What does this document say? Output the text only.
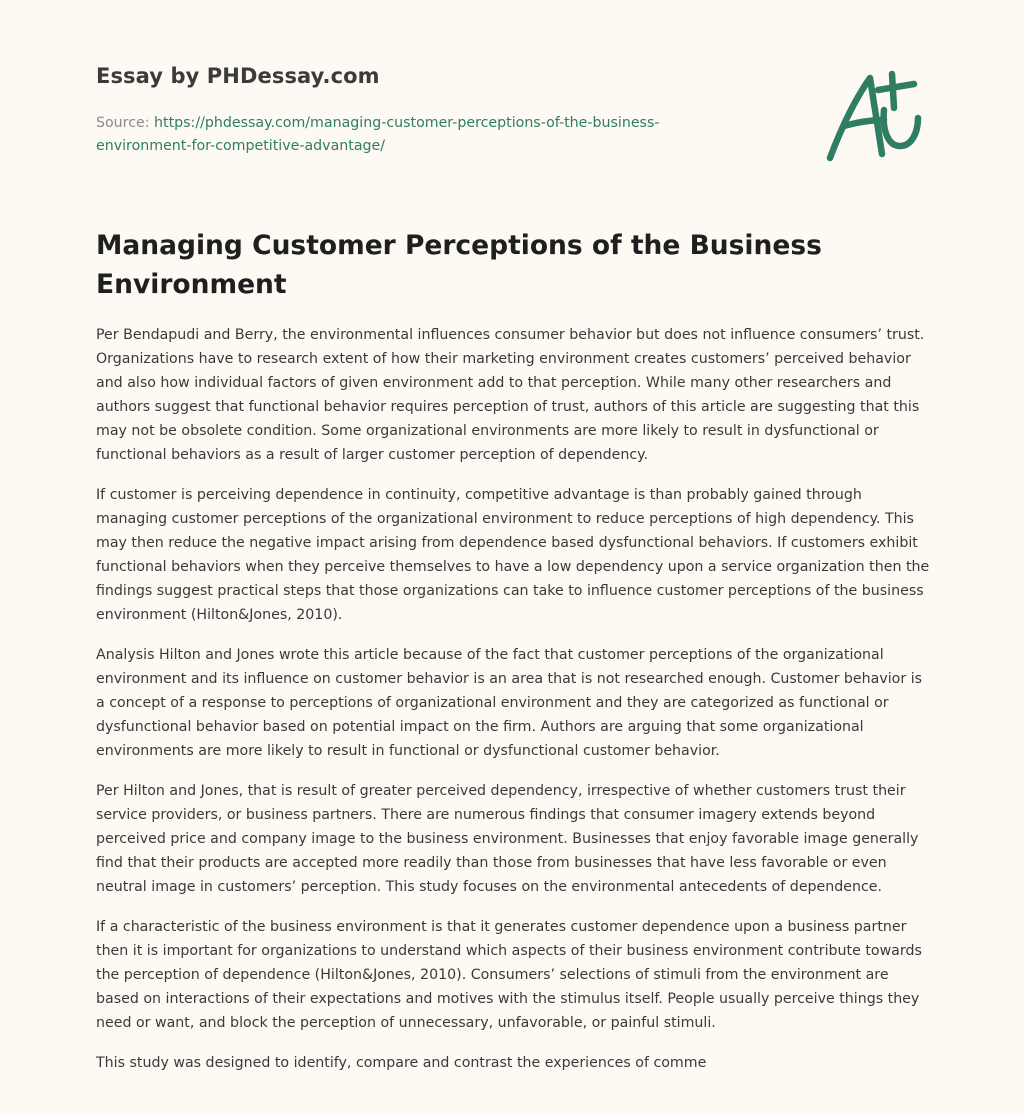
Essay by PHDessay.com
Source: https://phdessay.com/managing-customer-perceptions-of-the-business-environment-for-competitive-advantage/
Managing Customer Perceptions of the Business Environment

Per Bendapudi and Berry, the environmental influences consumer behavior but does not influence consumers’ trust. Organizations have to research extent of how their marketing environment creates customers’ perceived behavior and also how individual factors of given environment add to that perception. While many other researchers and authors suggest that functional behavior requires perception of trust, authors of this article are suggesting that this may not be obsolete condition. Some organizational environments are more likely to result in dysfunctional or functional behaviors as a result of larger customer perception of dependency.

If customer is perceiving dependence in continuity, competitive advantage is than probably gained through managing customer perceptions of the organizational environment to reduce perceptions of high dependency. This may then reduce the negative impact arising from dependence based dysfunctional behaviors. If customers exhibit functional behaviors when they perceive themselves to have a low dependency upon a service organization then the findings suggest practical steps that those organizations can take to influence customer perceptions of the business environment (Hilton&Jones, 2010).

Analysis Hilton and Jones wrote this article because of the fact that customer perceptions of the organizational environment and its influence on customer behavior is an area that is not researched enough. Customer behavior is a concept of a response to perceptions of organizational environment and they are categorized as functional or dysfunctional behavior based on potential impact on the firm. Authors are arguing that some organizational environments are more likely to result in functional or dysfunctional customer behavior.

Per Hilton and Jones, that is result of greater perceived dependency, irrespective of whether customers trust their service providers, or business partners. There are numerous findings that consumer imagery extends beyond perceived price and company image to the business environment. Businesses that enjoy favorable image generally find that their products are accepted more readily than those from businesses that have less favorable or even neutral image in customers’ perception. This study focuses on the environmental antecedents of dependence.

If a characteristic of the business environment is that it generates customer dependence upon a business partner then it is important for organizations to understand which aspects of their business environment contribute towards the perception of dependence (Hilton&Jones, 2010). Consumers’ selections of stimuli from the environment are based on interactions of their expectations and motives with the stimulus itself. People usually perceive things they need or want, and block the perception of unnecessary, unfavorable, or painful stimuli.

This study was designed to identify, compare and contrast the experiences of comme
